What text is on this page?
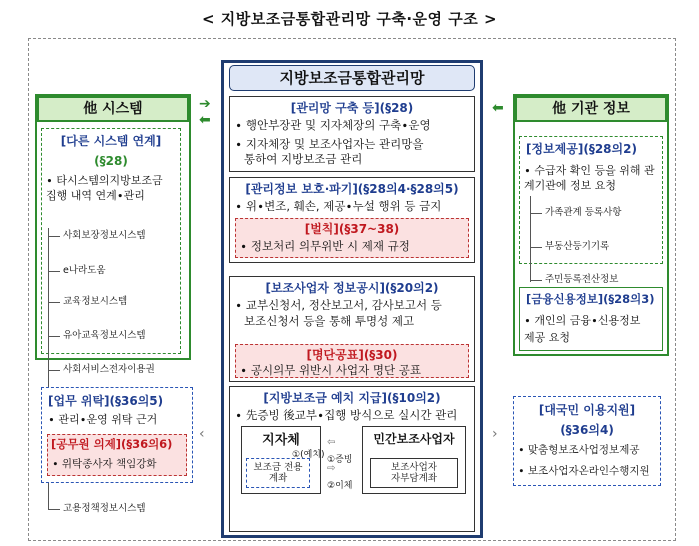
< 지방보조금통합관리망 구축·운영 구조 >
지방보조금통합관리망
[관리망 구축 등](§28)
∙ 행안부장관 및 지자체장의 구축∙운영
∙ 지자체장 및 보조사업자는 관리망을
통하여 지방보조금 관리
[관리정보 보호∙파기](§28의4∙§28의5)
∙ 위∙변조, 훼손, 제공∙누설 행위 등 금지
[벌칙](§37~38)
∙ 정보처리 의무위반 시 제재 규정
[보조사업자 정보공시](§20의2)
∙ 교부신청서, 정산보고서, 감사보고서 등
보조신청서 등을 통해 투명성 제고
[명단공표](§30)
∙ 공시의무 위반시 사업자 명단 공표
[지방보조금 예치 지급](§10의2)
∙ 先증빙 後교부∙집행 방식으로 실시간 관리
지자체
①(예치)
보조금 전용
계좌
⇦
①증빙
⇨
②이체
민간보조사업자
보조사업자
자부담계좌
➔
⬅
他 시스템
[다른 시스템 연계]
(§28)
∙ 타시스템의지방보조금
집행 내역 연계∙관리
사회보장정보시스템
e나라도움
교육정보시스템
유아교육정보시스템
사회서비스전자이용권
고용정책정보시스템
‹
[업무 위탁](§36의5)
∙ 관리∙운영 위탁 근거
[공무원 의제](§36의6)
∙ 위탁종사자 책임강화
⬅	他 기관 정보
[정보제공](§28의2)
∙ 수급자 확인 등을 위해 관
계기관에 정보 요청
가족관계 등록사항
부동산등기기록
주민등록전산정보
[금융신용정보](§28의3)
∙ 개인의 금융∙신용정보
제공 요청
›
[대국민 이용지원]
(§36의4)
∙ 맞춤형보조사업정보제공
∙ 보조사업자온라인수행지원
